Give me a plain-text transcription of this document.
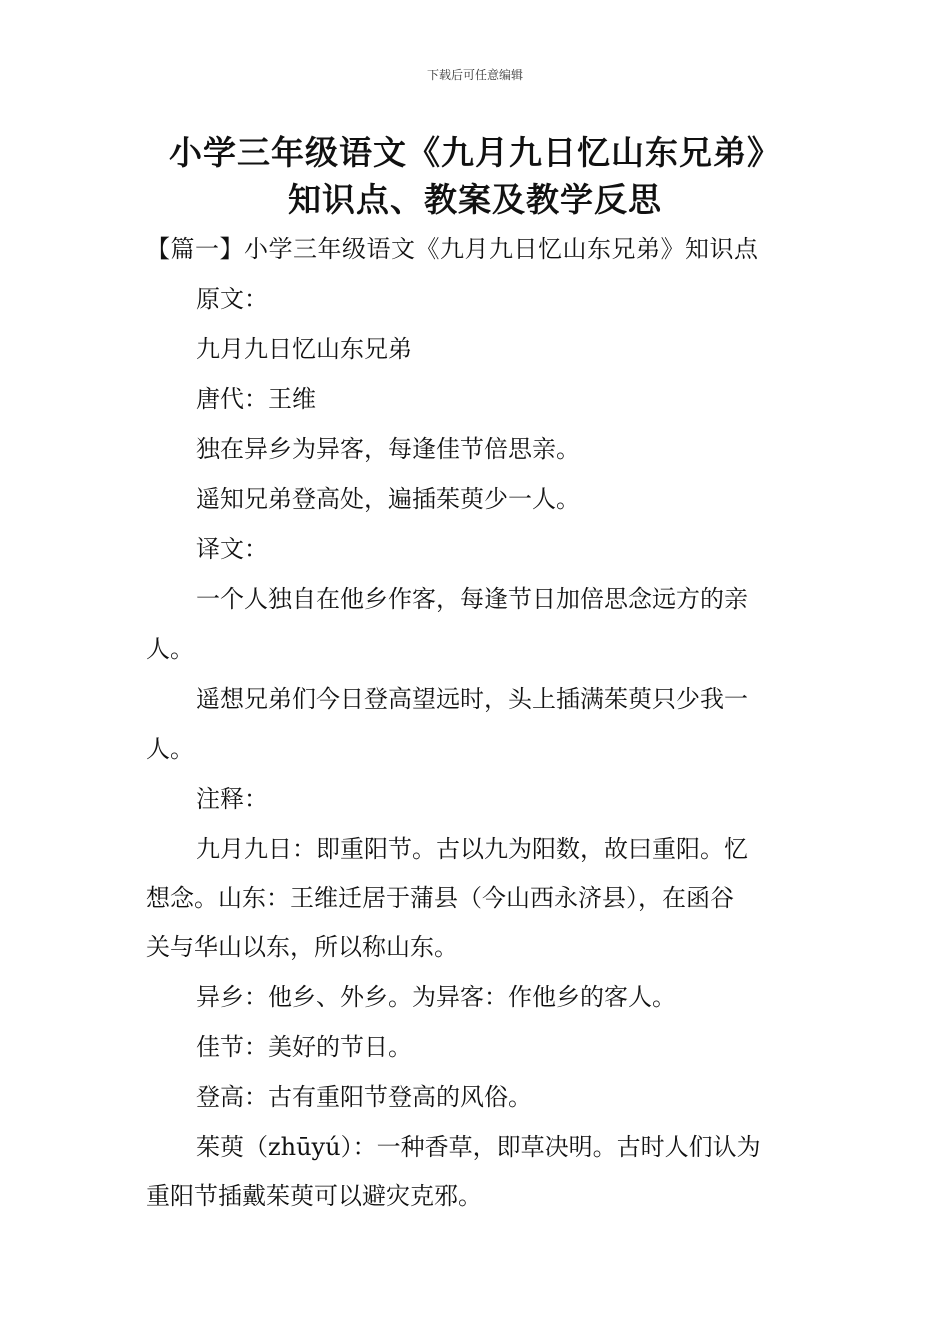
下载后可任意编辑
小学三年级语文《九月九日忆山东兄弟》
知识点、教案及教学反思
【篇一】小学三年级语文《九月九日忆山东兄弟》知识点
原文：
九月九日忆山东兄弟
唐代：王维
独在异乡为异客，每逢佳节倍思亲。
遥知兄弟登高处，遍插茱萸少一人。
译文：
一个人独自在他乡作客，每逢节日加倍思念远方的亲
人。
遥想兄弟们今日登高望远时，头上插满茱萸只少我一
人。
注释：
九月九日：即重阳节。古以九为阳数，故曰重阳。忆
想念。山东：王维迁居于蒲县（今山西永济县），在函谷
关与华山以东，所以称山东。
异乡：他乡、外乡。为异客：作他乡的客人。
佳节：美好的节日。
登高：古有重阳节登高的风俗。
茱萸（zhūyú）：一种香草，即草决明。古时人们认为
重阳节插戴茱萸可以避灾克邪。
